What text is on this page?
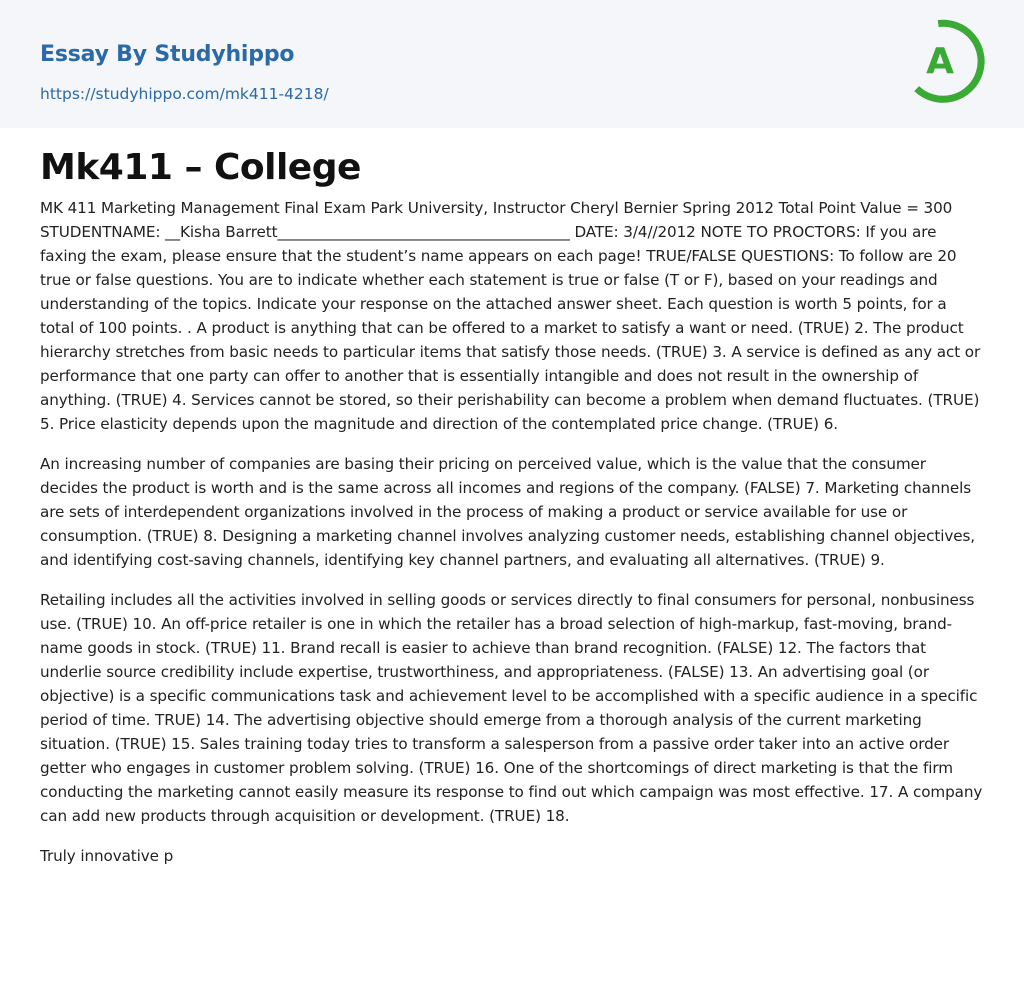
Essay By Studyhippo
https://studyhippo.com/mk411-4218/
A
Mk411 – College

MK 411 Marketing Management Final Exam Park University, Instructor Cheryl Bernier Spring 2012 Total Point Value = 300 STUDENTNAME: __Kisha Barrett_______________________________________ DATE: 3/4//2012 NOTE TO PROCTORS: If you are faxing the exam, please ensure that the student’s name appears on each page! TRUE/FALSE QUESTIONS: To follow are 20 true or false questions. You are to indicate whether each statement is true or false (T or F), based on your readings and understanding of the topics. Indicate your response on the attached answer sheet. Each question is worth 5 points, for a total of 100 points. . A product is anything that can be offered to a market to satisfy a want or need. (TRUE) 2. The product hierarchy stretches from basic needs to particular items that satisfy those needs. (TRUE) 3. A service is defined as any act or performance that one party can offer to another that is essentially intangible and does not result in the ownership of anything. (TRUE) 4. Services cannot be stored, so their perishability can become a problem when demand fluctuates. (TRUE) 5. Price elasticity depends upon the magnitude and direction of the contemplated price change. (TRUE) 6.

An increasing number of companies are basing their pricing on perceived value, which is the value that the consumer decides the product is worth and is the same across all incomes and regions of the company. (FALSE) 7. Marketing channels are sets of interdependent organizations involved in the process of making a product or service available for use or consumption. (TRUE) 8. Designing a marketing channel involves analyzing customer needs, establishing channel objectives, and identifying cost-saving channels, identifying key channel partners, and evaluating all alternatives. (TRUE) 9.

Retailing includes all the activities involved in selling goods or services directly to final consumers for personal, nonbusiness use. (TRUE) 10. An off-price retailer is one in which the retailer has a broad selection of high-markup, fast-moving, brand-name goods in stock. (TRUE) 11. Brand recall is easier to achieve than brand recognition. (FALSE) 12. The factors that underlie source credibility include expertise, trustworthiness, and appropriateness. (FALSE) 13. An advertising goal (or objective) is a specific communications task and achievement level to be accomplished with a specific audience in a specific period of time. TRUE) 14. The advertising objective should emerge from a thorough analysis of the current marketing situation. (TRUE) 15. Sales training today tries to transform a salesperson from a passive order taker into an active order getter who engages in customer problem solving. (TRUE) 16. One of the shortcomings of direct marketing is that the firm conducting the marketing cannot easily measure its response to find out which campaign was most effective. 17. A company can add new products through acquisition or development. (TRUE) 18.

Truly innovative p
